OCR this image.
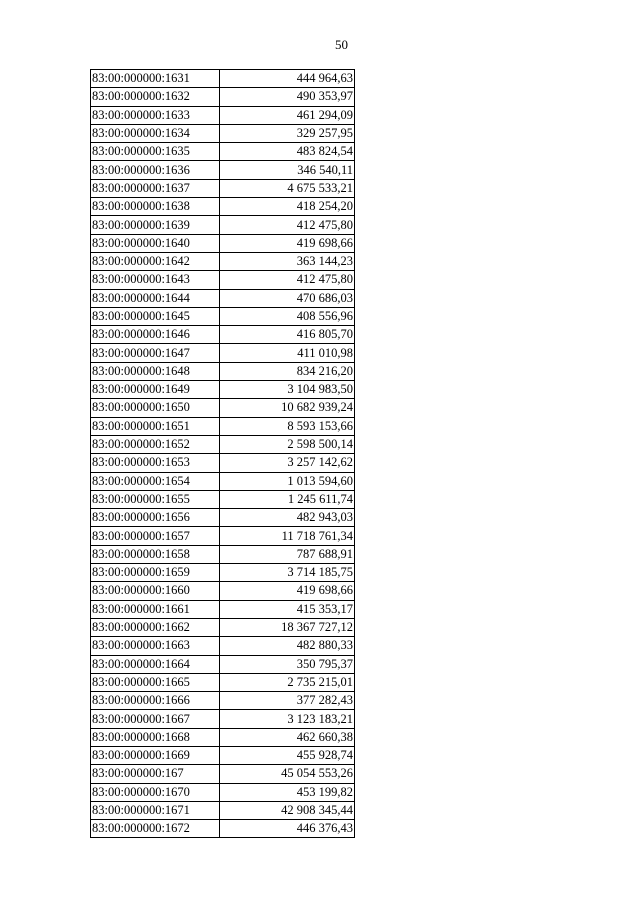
50
83:00:000000:1631	444 964,63
83:00:000000:1632	490 353,97
83:00:000000:1633	461 294,09
83:00:000000:1634	329 257,95
83:00:000000:1635	483 824,54
83:00:000000:1636	346 540,11
83:00:000000:1637	4 675 533,21
83:00:000000:1638	418 254,20
83:00:000000:1639	412 475,80
83:00:000000:1640	419 698,66
83:00:000000:1642	363 144,23
83:00:000000:1643	412 475,80
83:00:000000:1644	470 686,03
83:00:000000:1645	408 556,96
83:00:000000:1646	416 805,70
83:00:000000:1647	411 010,98
83:00:000000:1648	834 216,20
83:00:000000:1649	3 104 983,50
83:00:000000:1650	10 682 939,24
83:00:000000:1651	8 593 153,66
83:00:000000:1652	2 598 500,14
83:00:000000:1653	3 257 142,62
83:00:000000:1654	1 013 594,60
83:00:000000:1655	1 245 611,74
83:00:000000:1656	482 943,03
83:00:000000:1657	11 718 761,34
83:00:000000:1658	787 688,91
83:00:000000:1659	3 714 185,75
83:00:000000:1660	419 698,66
83:00:000000:1661	415 353,17
83:00:000000:1662	18 367 727,12
83:00:000000:1663	482 880,33
83:00:000000:1664	350 795,37
83:00:000000:1665	2 735 215,01
83:00:000000:1666	377 282,43
83:00:000000:1667	3 123 183,21
83:00:000000:1668	462 660,38
83:00:000000:1669	455 928,74
83:00:000000:167	45 054 553,26
83:00:000000:1670	453 199,82
83:00:000000:1671	42 908 345,44
83:00:000000:1672	446 376,43
